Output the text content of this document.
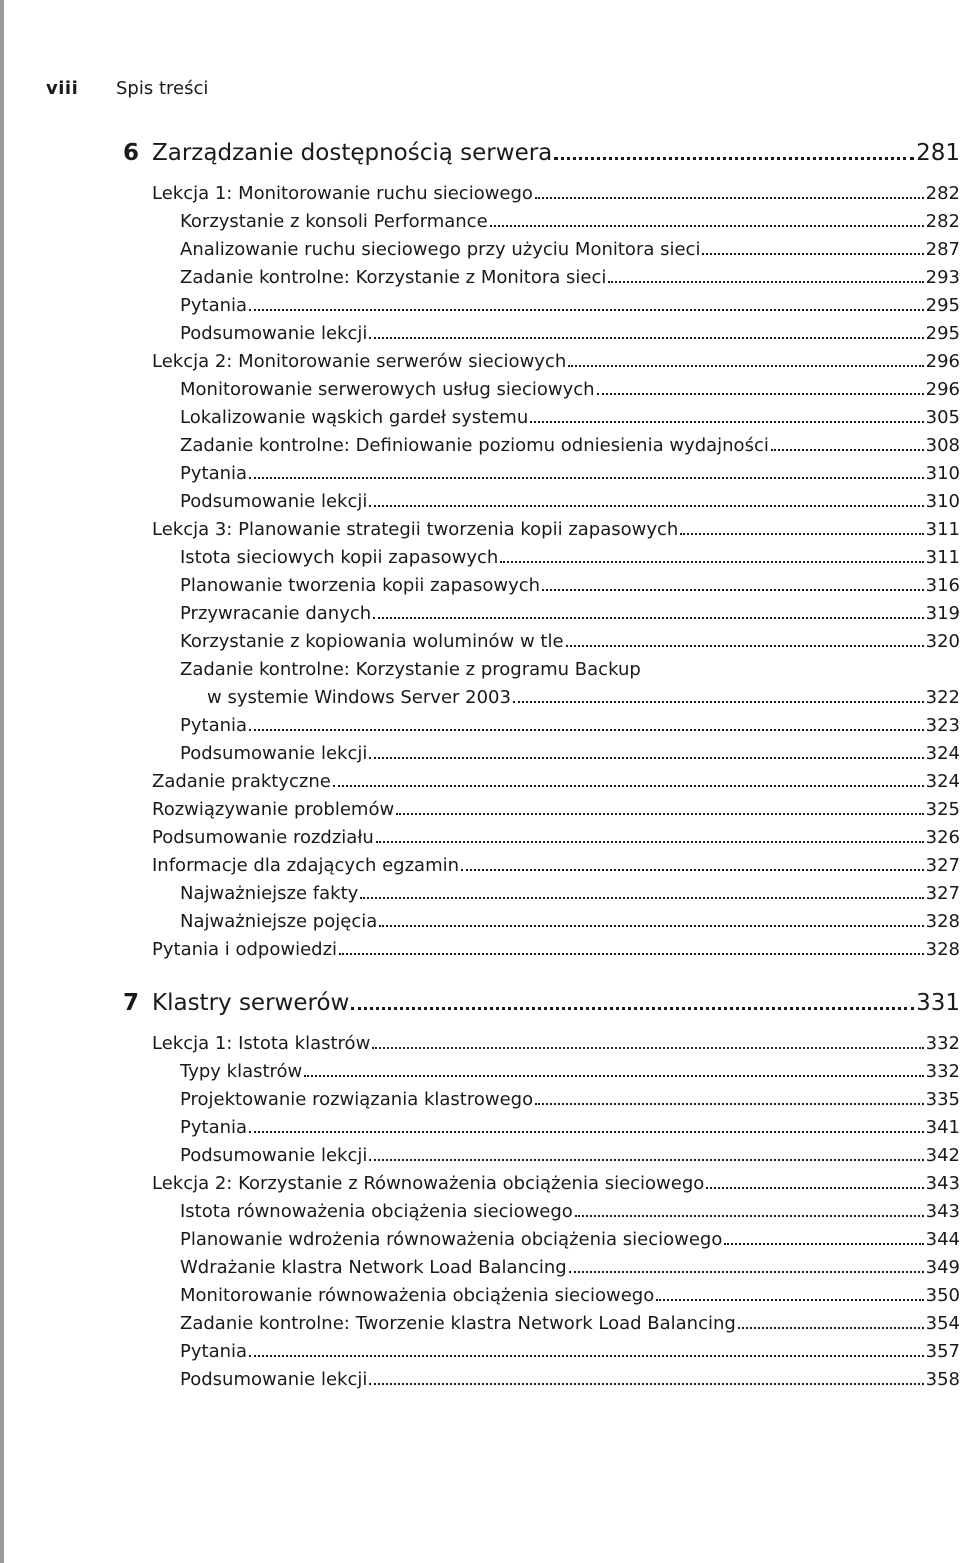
viii	Spis treści
6 Zarządzanie dostępnością serwera	281
Lekcja 1: Monitorowanie ruchu sieciowego	282
Korzystanie z konsoli Performance	282
Analizowanie ruchu sieciowego przy użyciu Monitora sieci	287
Zadanie kontrolne: Korzystanie z Monitora sieci	293
Pytania	295
Podsumowanie lekcji	295
Lekcja 2: Monitorowanie serwerów sieciowych	296
Monitorowanie serwerowych usług sieciowych	296
Lokalizowanie wąskich gardeł systemu	305
Zadanie kontrolne: Definiowanie poziomu odniesienia wydajności	308
Pytania	310
Podsumowanie lekcji	310
Lekcja 3: Planowanie strategii tworzenia kopii zapasowych	311
Istota sieciowych kopii zapasowych	311
Planowanie tworzenia kopii zapasowych	316
Przywracanie danych	319
Korzystanie z kopiowania woluminów w tle	320
Zadanie kontrolne: Korzystanie z programu Backup
w systemie Windows Server 2003	322
Pytania	323
Podsumowanie lekcji	324
Zadanie praktyczne	324
Rozwiązywanie problemów	325
Podsumowanie rozdziału	326
Informacje dla zdających egzamin	327
Najważniejsze fakty	327
Najważniejsze pojęcia	328
Pytania i odpowiedzi	328
7 Klastry serwerów	331
Lekcja 1: Istota klastrów	332
Typy klastrów	332
Projektowanie rozwiązania klastrowego	335
Pytania	341
Podsumowanie lekcji	342
Lekcja 2: Korzystanie z Równoważenia obciążenia sieciowego	343
Istota równoważenia obciążenia sieciowego	343
Planowanie wdrożenia równoważenia obciążenia sieciowego	344
Wdrażanie klastra Network Load Balancing	349
Monitorowanie równoważenia obciążenia sieciowego	350
Zadanie kontrolne: Tworzenie klastra Network Load Balancing	354
Pytania	357
Podsumowanie lekcji	358
